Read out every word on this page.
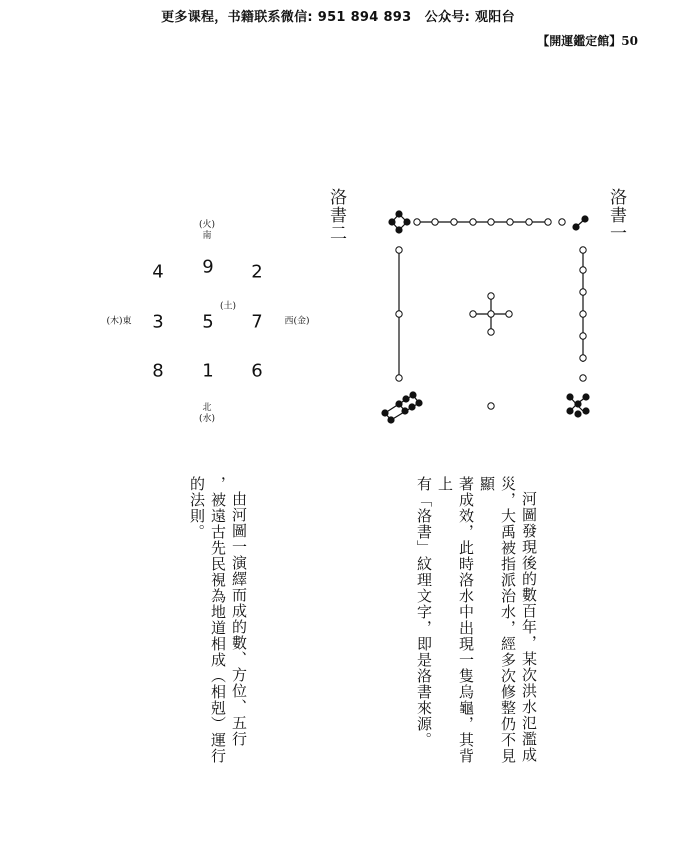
更多课程，书籍联系微信: 951 894 893　公众号: 观阳台
【開運鑑定館】50
洛書一
洛書二
(火)
南
4 9 2
(木)東 3
(土)
5 7 西(金)
8 1 6
北
(水)

河圖發現後的數百年，某次洪水氾濫成

災，大禹被指派治水，經多次修整仍不見顯

著成效，此時洛水中出現一隻烏龜，其背上

有「洛書」紋理文字，即是洛書來源。

由河圖一演繹而成的數、方位、五行

，被遠古先民視為地道相成（相剋）運行

的法則。
